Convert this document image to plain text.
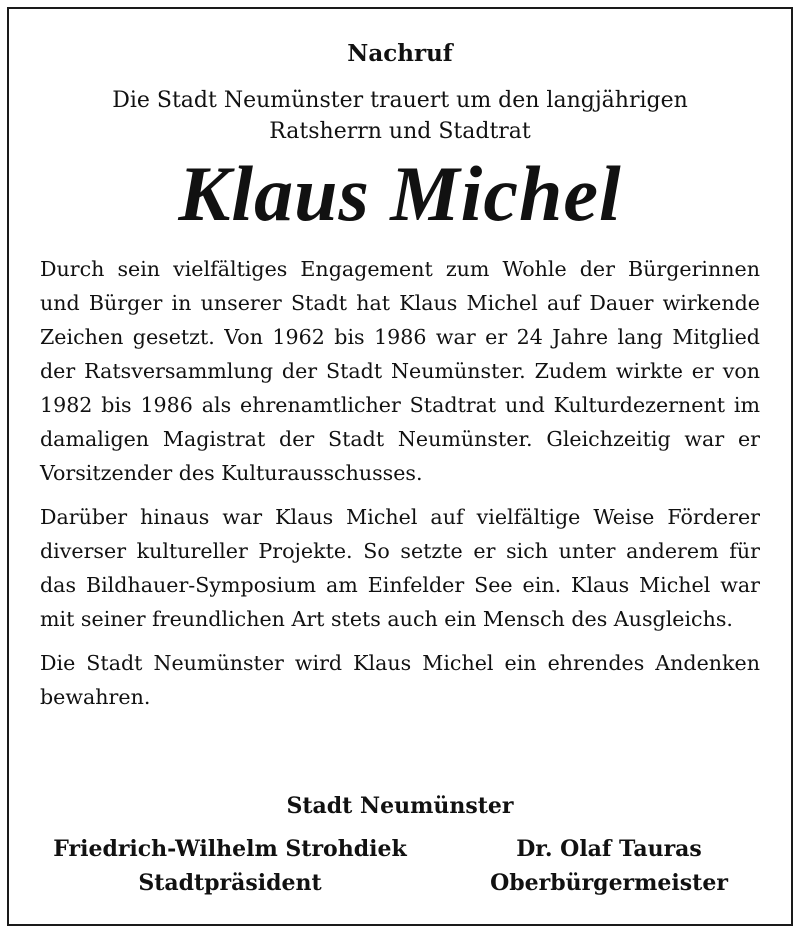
Nachruf
Die Stadt Neumünster trauert um den langjährigen
Ratsherrn und Stadtrat
Klaus Michel

Durch sein vielfältiges Engagement zum Wohle der Bürgerinnen und Bürger in unserer Stadt hat Klaus Michel auf Dauer wirkende Zeichen gesetzt. Von 1962 bis 1986 war er 24 Jahre lang Mitglied der Ratsversammlung der Stadt Neumünster. Zudem wirkte er von 1982 bis 1986 als ehrenamtlicher Stadtrat und Kulturdezernent im damaligen Magistrat der Stadt Neumünster. Gleichzeitig war er Vorsitzender des Kulturausschusses.

Darüber hinaus war Klaus Michel auf vielfältige Weise Förderer diverser kultureller Projekte. So setzte er sich unter anderem für das Bildhauer-Symposium am Einfelder See ein. Klaus Michel war mit seiner freundlichen Art stets auch ein Mensch des Ausgleichs.

Die Stadt Neumünster wird Klaus Michel ein ehrendes Andenken bewahren.

Stadt Neumünster
Friedrich-Wilhelm Strohdiek
Stadtpräsident
Dr. Olaf Tauras
Oberbürgermeister
